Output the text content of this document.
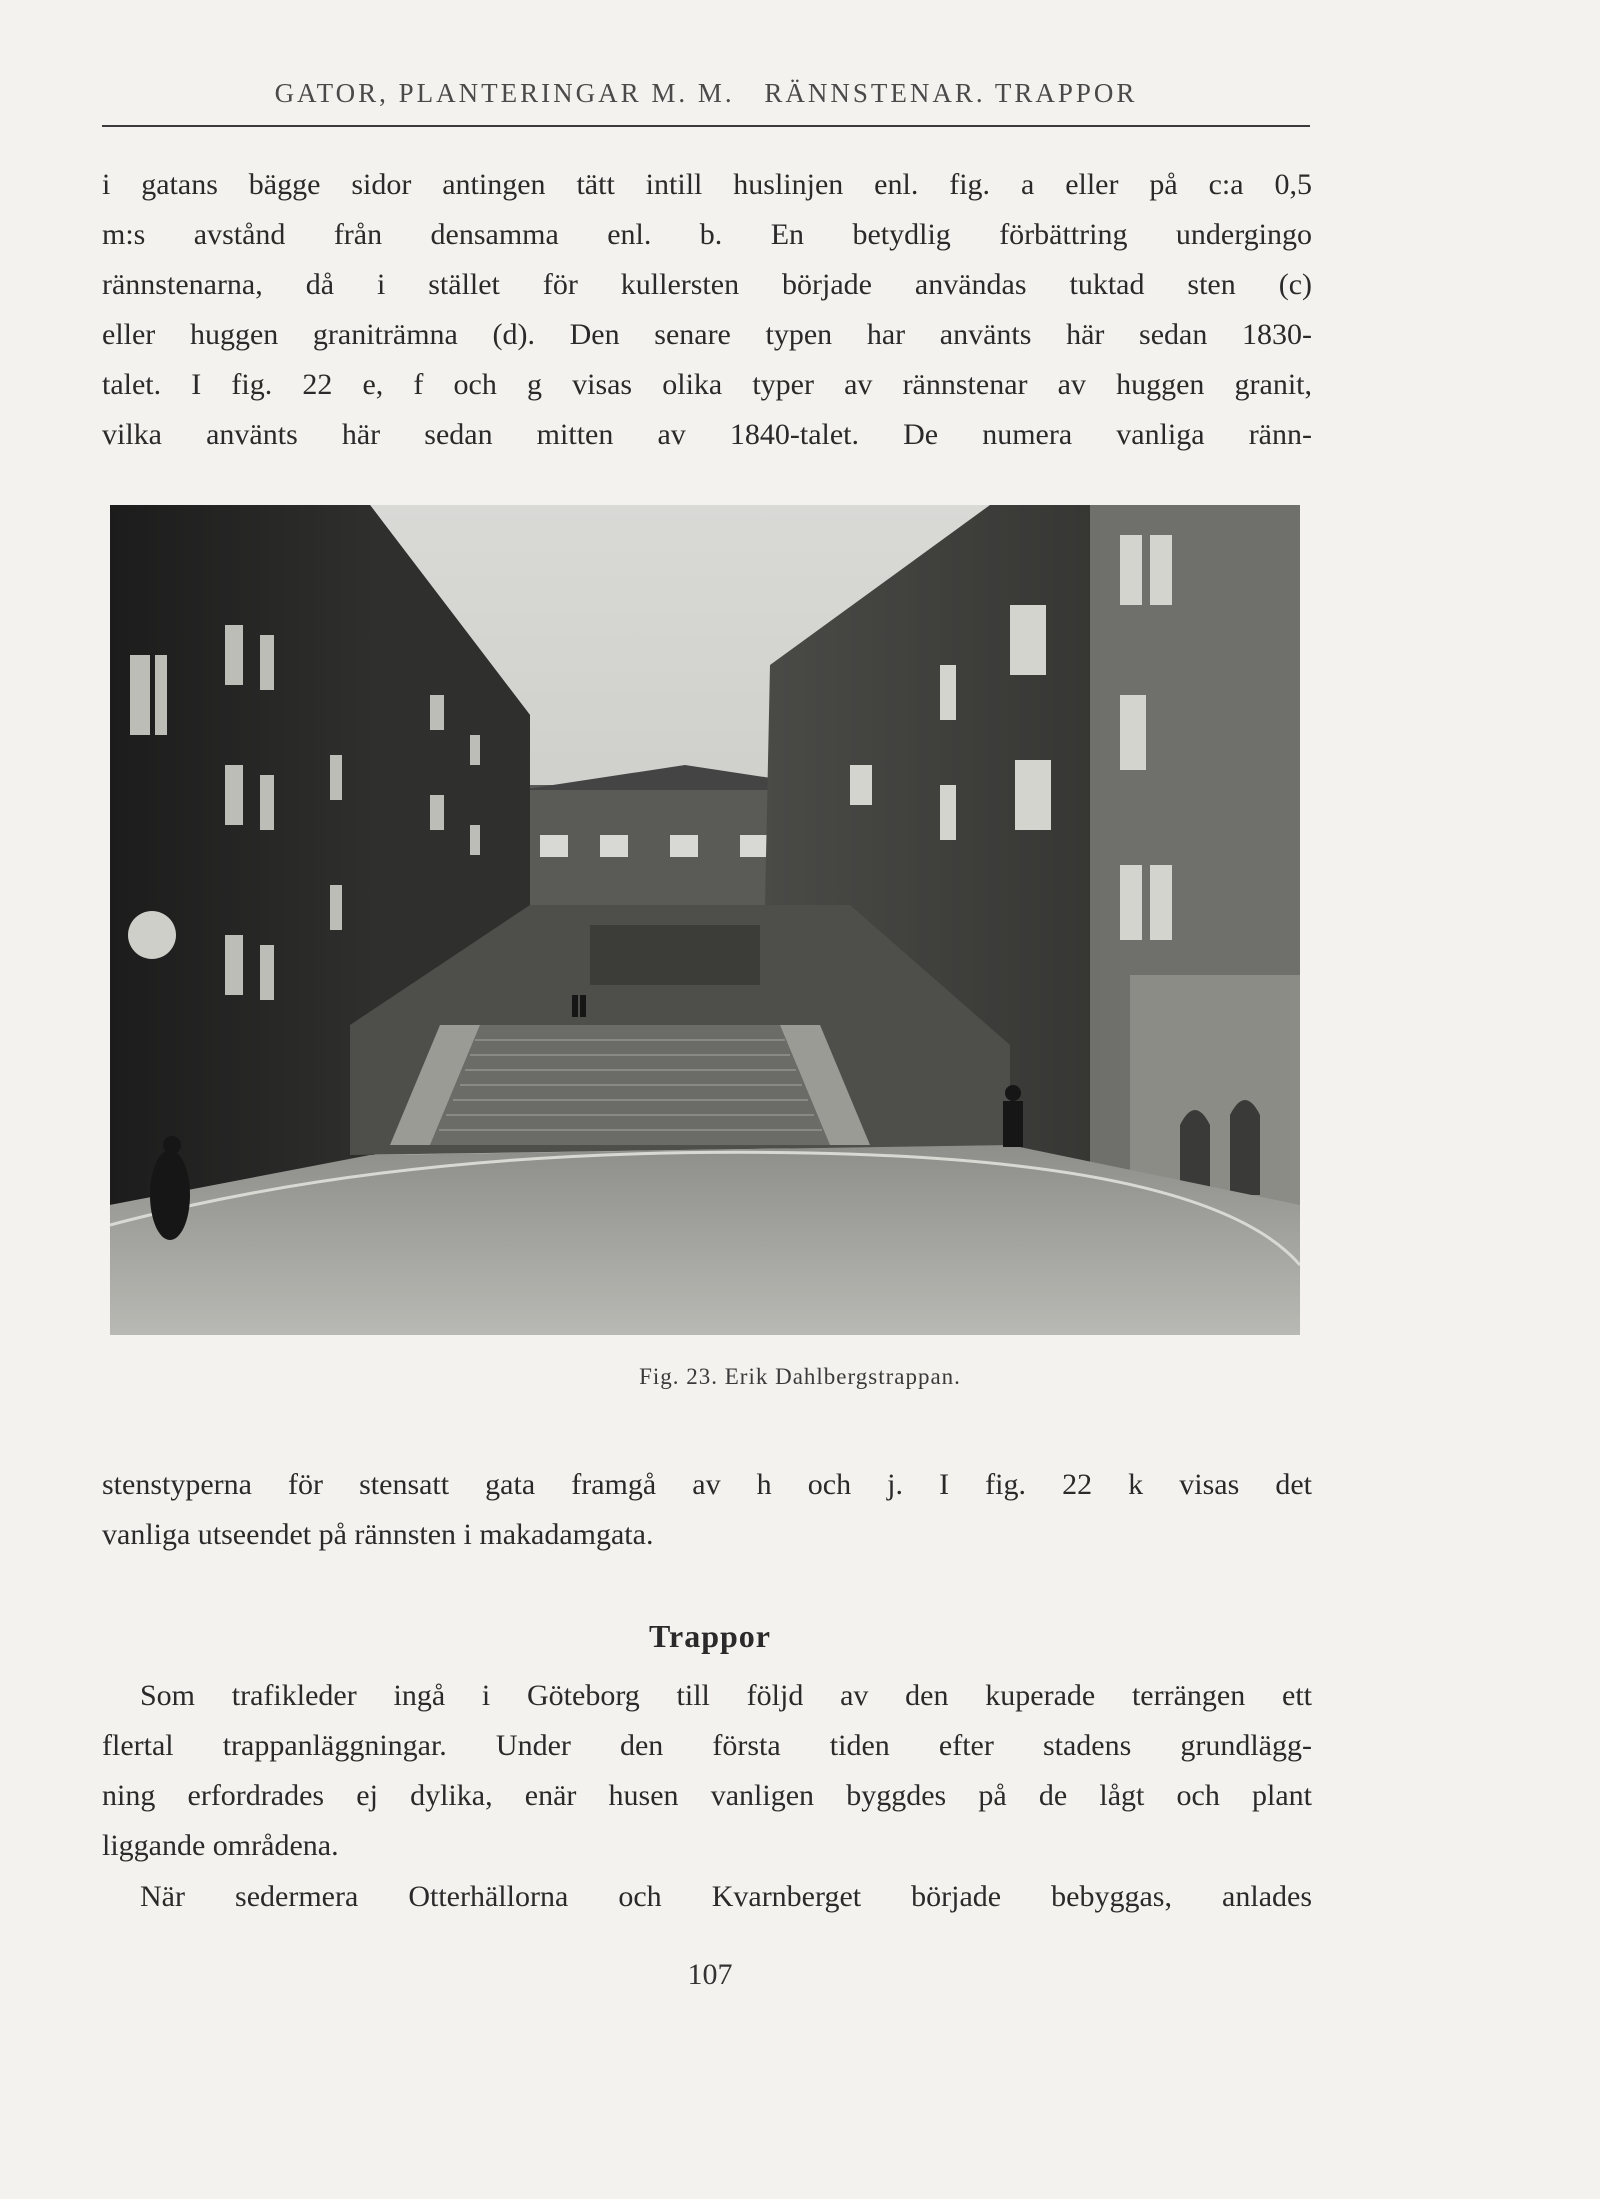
GATOR, PLANTERINGAR M. M. RÄNNSTENAR. TRAPPOR

i gatans bägge sidor antingen tätt intill huslinjen enl. fig. a eller på c:a 0,5
m:s avstånd från densamma enl. b. En betydlig förbättring undergingo
rännstenarna, då i stället för kullersten började användas tuktad sten (c)
eller huggen graniträmna (d). Den senare typen har använts här sedan 1830-
talet. I fig. 22 e, f och g visas olika typer av rännstenar av huggen granit,
vilka använts här sedan mitten av 1840-talet. De numera vanliga ränn-

Fig. 23. Erik Dahlbergstrappan.

stenstyperna för stensatt gata framgå av h och j. I fig. 22 k visas det
vanliga utseendet på rännsten i makadamgata.

Trappor

Som trafikleder ingå i Göteborg till följd av den kuperade terrängen ett
flertal trappanläggningar. Under den första tiden efter stadens grundlägg-
ning erfordrades ej dylika, enär husen vanligen byggdes på de lågt och plant
liggande områdena.

När sedermera Otterhällorna och Kvarnberget började bebyggas, anlades

107
